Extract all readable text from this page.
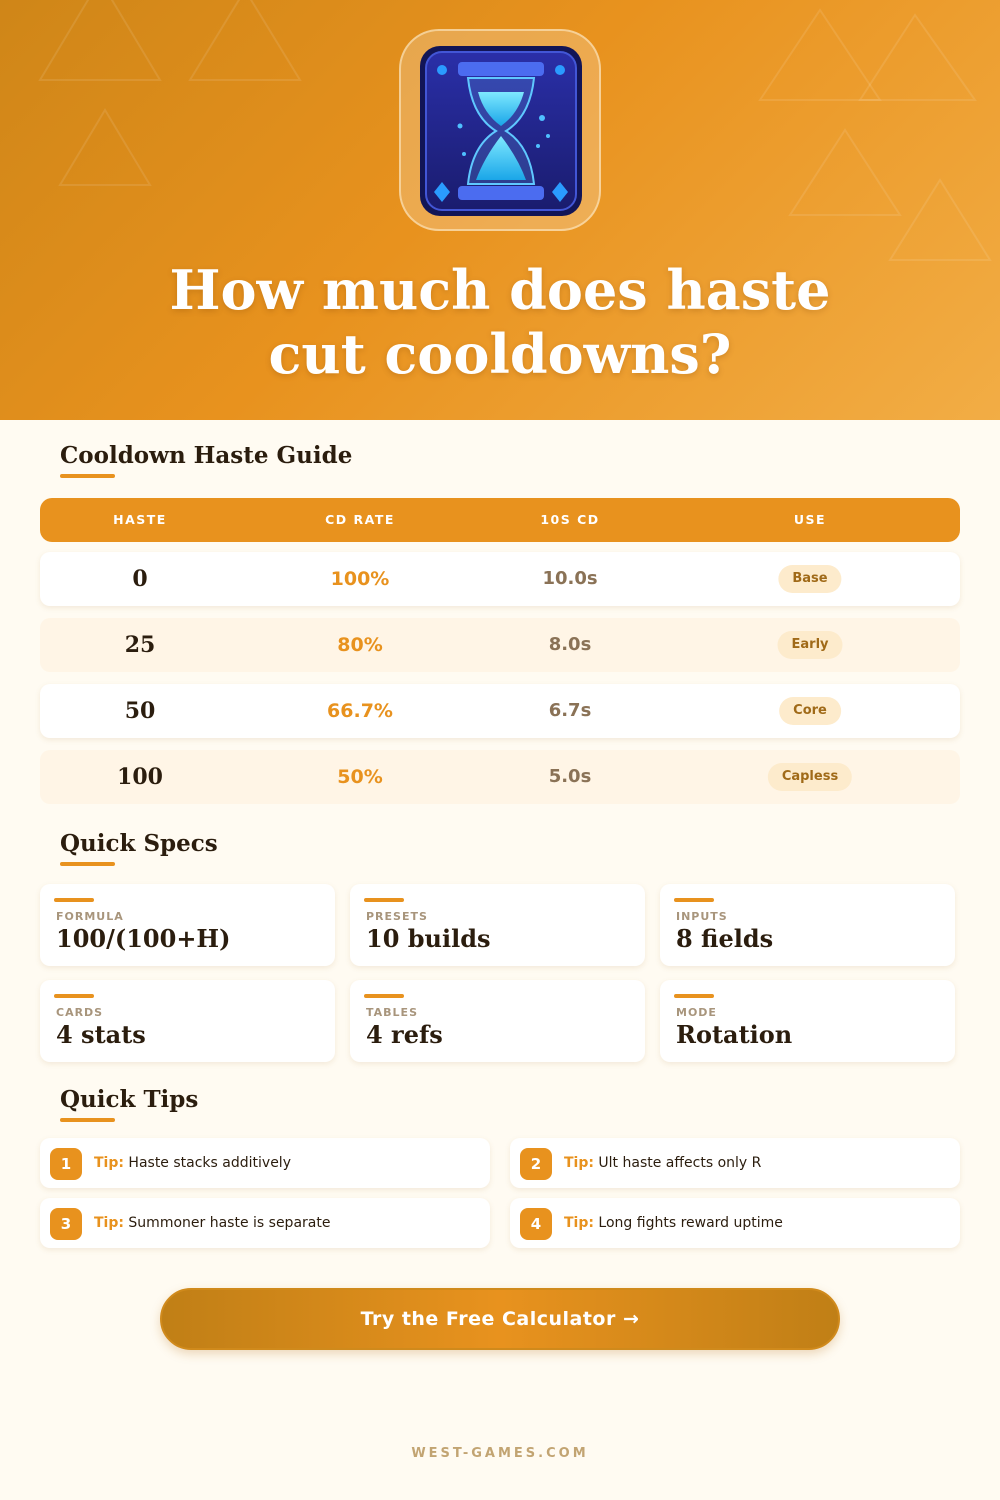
How much does haste
cut cooldowns?
Cooldown Haste Guide
HASTE	CD RATE	10S CD	USE
0	100%	10.0s	Base
25	80%	8.0s	Early
50	66.7%	6.7s	Core
100	50%	5.0s	Capless
Quick Specs
FORMULA
100/(100+H)
PRESETS
10 builds
INPUTS
8 fields
CARDS
4 stats
TABLES
4 refs
MODE
Rotation
Quick Tips
1	Tip: Haste stacks additively	2	Tip: Ult haste affects only R
3	Tip: Summoner haste is separate	4	Tip: Long fights reward uptime
Try the Free Calculator →
WEST-GAMES.COM
